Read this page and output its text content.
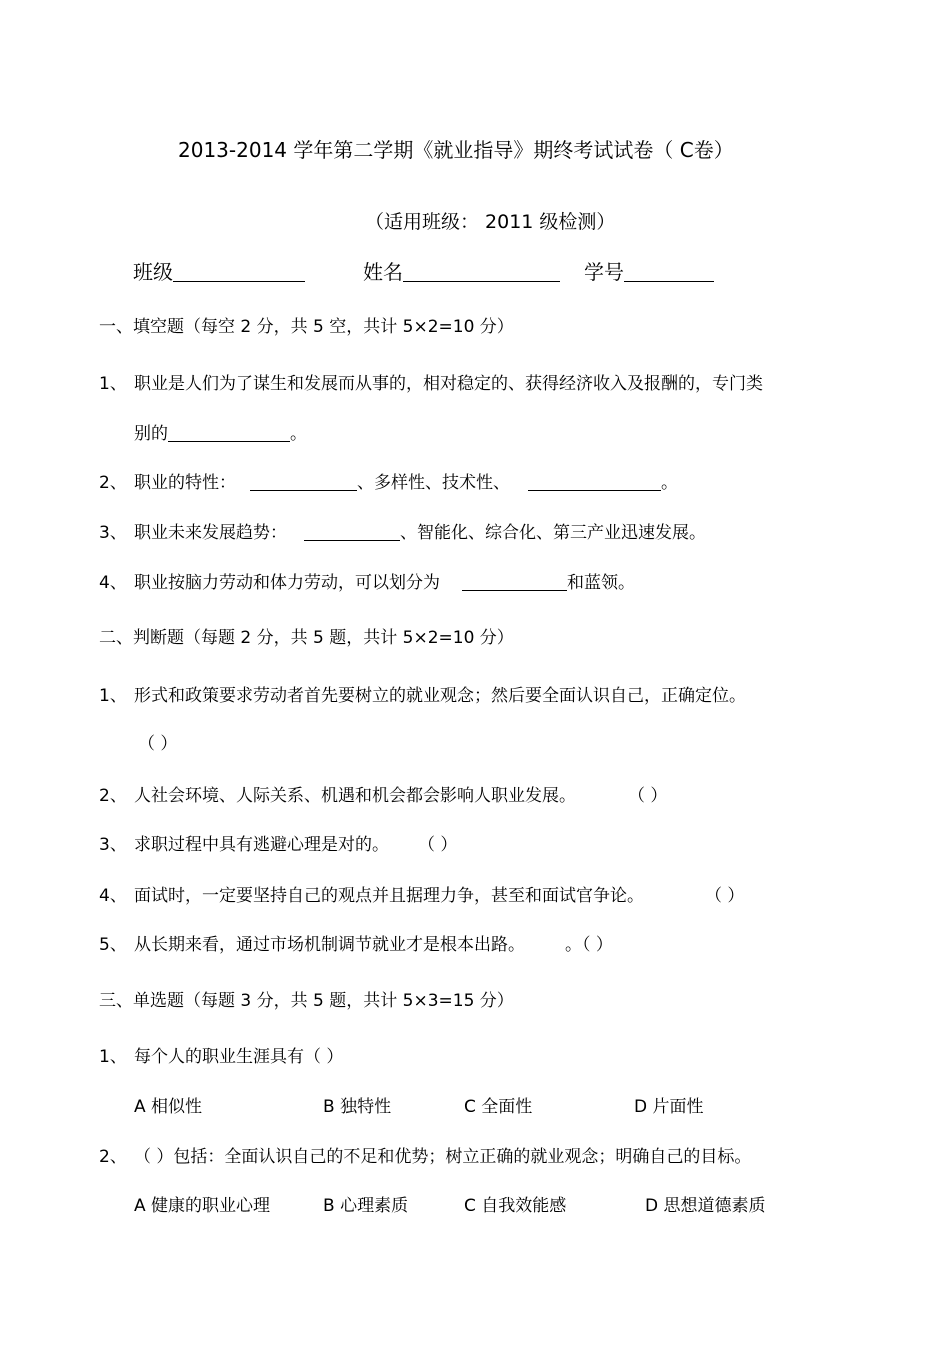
2013-2014 学年第二学期《就业指导》期终考试试卷（ C卷）
（适用班级： 2011 级检测）
班级	姓名	学号
一、填空题（每空 2 分，共 5 空，共计 5×2=10 分）
1、 职业是人们为了谋生和发展而从事的，相对稳定的、获得经济收入及报酬的，专门类
别的	。
2、 职业的特性：	、多样性、技术性、	。
3、 职业未来发展趋势：	、智能化、综合化、第三产业迅速发展。
4、 职业按脑力劳动和体力劳动，可以划分为	和蓝领。
二、判断题（每题 2 分，共 5 题，共计 5×2=10 分）
1、 形式和政策要求劳动者首先要树立的就业观念；然后要全面认识自己，正确定位。
（ ）
2、 人社会环境、人际关系、机遇和机会都会影响人职业发展。	（ ）
3、 求职过程中具有逃避心理是对的。 （ ）
4、 面试时，一定要坚持自己的观点并且据理力争，甚至和面试官争论。	（ ）
5、 从长期来看，通过市场机制调节就业才是根本出路。 。（ ）
三、单选题（每题 3 分，共 5 题，共计 5×3=15 分）
1、 每个人的职业生涯具有（ ）
A 相似性	B 独特性	C 全面性	D 片面性
2、 （ ）包括：全面认识自己的不足和优势；树立正确的就业观念；明确自己的目标。
A 健康的职业心理	B 心理素质	C 自我效能感	D 思想道德素质
